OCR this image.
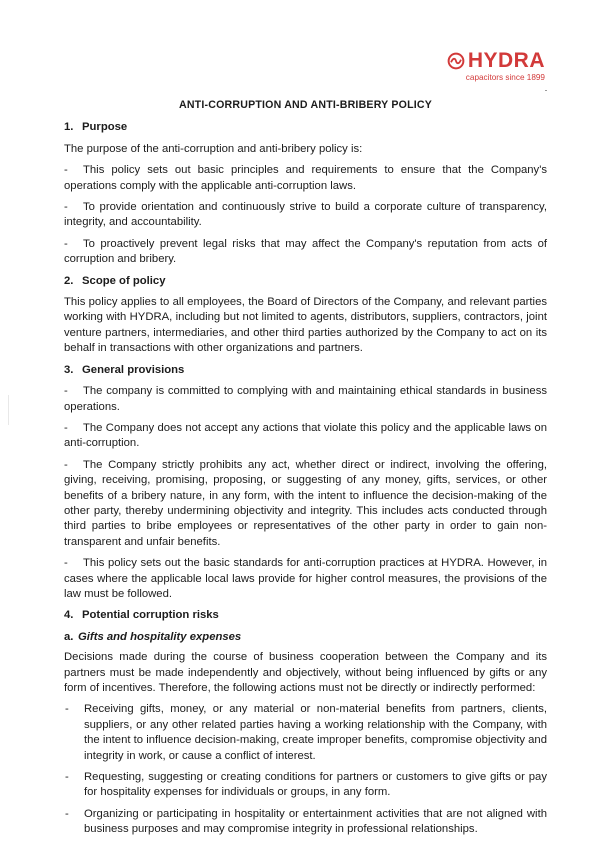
HYDRA
capacitors since 1899
ANTI-CORRUPTION AND ANTI-BRIBERY POLICY
1. Purpose

The purpose of the anti-corruption and anti-bribery policy is:

- This policy sets out basic principles and requirements to ensure that the Company's operations comply with the applicable anti-corruption laws.

- To provide orientation and continuously strive to build a corporate culture of transparency, integrity, and accountability.

- To proactively prevent legal risks that may affect the Company's reputation from acts of corruption and bribery.

2. Scope of policy

This policy applies to all employees, the Board of Directors of the Company, and relevant parties working with HYDRA, including but not limited to agents, distributors, suppliers, contractors, joint venture partners, intermediaries, and other third parties authorized by the Company to act on its behalf in transactions with other organizations and partners.

3. General provisions

- The company is committed to complying with and maintaining ethical standards in business operations.

- The Company does not accept any actions that violate this policy and the applicable laws on anti-corruption.

- The Company strictly prohibits any act, whether direct or indirect, involving the offering, giving, receiving, promising, proposing, or suggesting of any money, gifts, services, or other benefits of a bribery nature, in any form, with the intent to influence the decision-making of the other party, thereby undermining objectivity and integrity. This includes acts conducted through third parties to bribe employees or representatives of the other party in order to gain non-transparent and unfair benefits.

- This policy sets out the basic standards for anti-corruption practices at HYDRA. However, in cases where the applicable local laws provide for higher control measures, the provisions of the law must be followed.

4. Potential corruption risks
a. Gifts and hospitality expenses

Decisions made during the course of business cooperation between the Company and its partners must be made independently and objectively, without being influenced by gifts or any form of incentives. Therefore, the following actions must not be directly or indirectly performed:

- Receiving gifts, money, or any material or non-material benefits from partners, clients, suppliers, or any other related parties having a working relationship with the Company, with the intent to influence decision-making, create improper benefits, compromise objectivity and integrity in work, or cause a conflict of interest.
- Requesting, suggesting or creating conditions for partners or customers to give gifts or pay for hospitality expenses for individuals or groups, in any form.
- Organizing or participating in hospitality or entertainment activities that are not aligned with business purposes and may compromise integrity in professional relationships.
